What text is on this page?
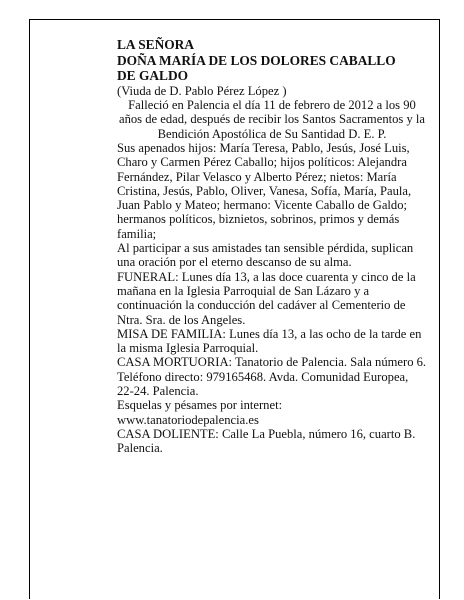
LA SEÑORA
DOÑA MARÍA DE LOS DOLORES CABALLO
DE GALDO

(Viuda de D. Pablo Pérez López )

Falleció en Palencia el día 11 de febrero de 2012 a los 90 años de edad, después de recibir los Santos Sacramentos y la Bendición Apostólica de Su Santidad D. E. P.

Sus apenados hijos: María Teresa, Pablo, Jesús, José Luis, Charo y Carmen Pérez Caballo; hijos políticos: Alejandra Fernández, Pilar Velasco y Alberto Pérez; nietos: María Cristina, Jesús, Pablo, Oliver, Vanesa, Sofía, María, Paula, Juan Pablo y Mateo; hermano: Vicente Caballo de Galdo; hermanos políticos, biznietos, sobrinos, primos y demás familia;

Al participar a sus amistades tan sensible pérdida, suplican una oración por el eterno descanso de su alma.

FUNERAL: Lunes día 13, a las doce cuarenta y cinco de la mañana en la Iglesia Parroquial de San Lázaro y a continuación la conducción del cadáver al Cementerio de Ntra. Sra. de los Angeles.

MISA DE FAMILIA: Lunes día 13, a las ocho de la tarde en la misma Iglesia Parroquial.

CASA MORTUORIA: Tanatorio de Palencia. Sala número 6. Teléfono directo: 979165468. Avda. Comunidad Europea, 22-24. Palencia.

Esquelas y pésames por internet:

www.tanatoriodepalencia.es

CASA DOLIENTE: Calle La Puebla, número 16, cuarto B. Palencia.
